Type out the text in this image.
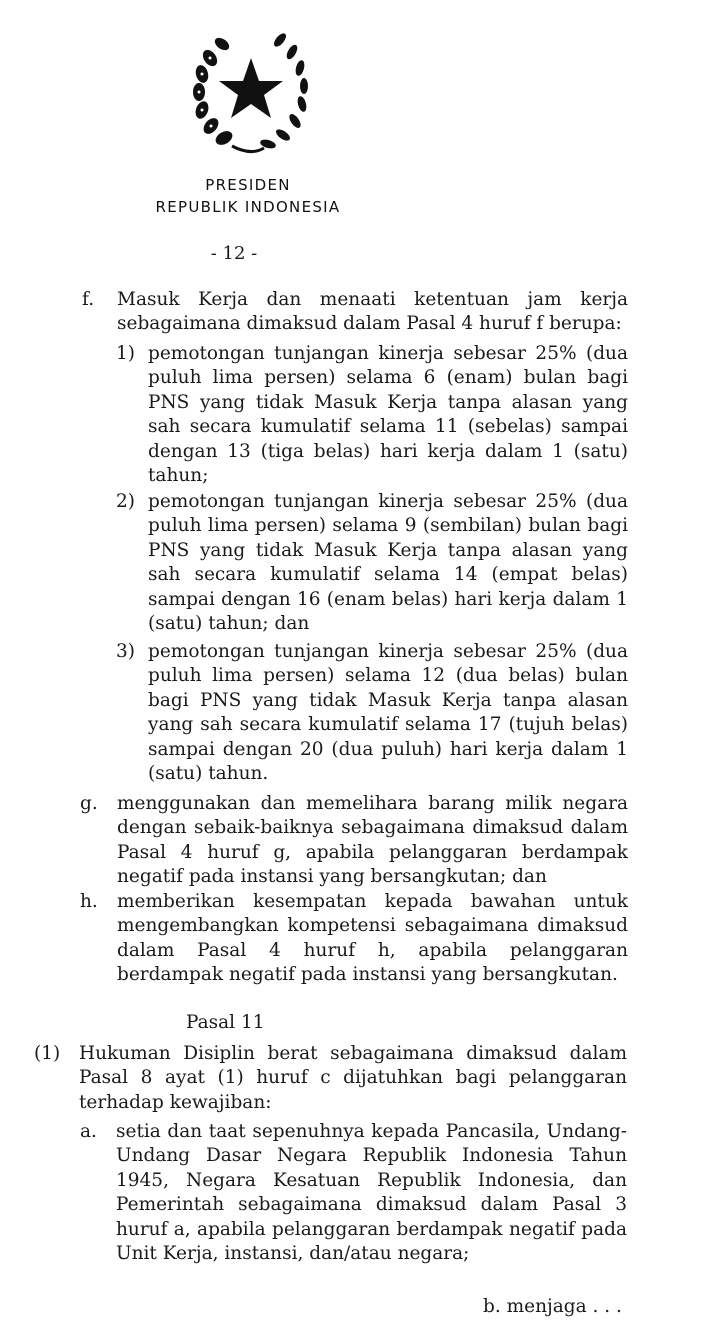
PRESIDEN
REPUBLIK INDONESIA
- 12 -
f. Masuk Kerja dan menaati ketentuan jam kerja sebagaimana dimaksud dalam Pasal 4 huruf f berupa:
1) pemotongan tunjangan kinerja sebesar 25% (dua puluh lima persen) selama 6 (enam) bulan bagi PNS yang tidak Masuk Kerja tanpa alasan yang sah secara kumulatif selama 11 (sebelas) sampai dengan 13 (tiga belas) hari kerja dalam 1 (satu) tahun;
2) pemotongan tunjangan kinerja sebesar 25% (dua puluh lima persen) selama 9 (sembilan) bulan bagi PNS yang tidak Masuk Kerja tanpa alasan yang sah secara kumulatif selama 14 (empat belas) sampai dengan 16 (enam belas) hari kerja dalam 1 (satu) tahun; dan
3) pemotongan tunjangan kinerja sebesar 25% (dua puluh lima persen) selama 12 (dua belas) bulan bagi PNS yang tidak Masuk Kerja tanpa alasan yang sah secara kumulatif selama 17 (tujuh belas) sampai dengan 20 (dua puluh) hari kerja dalam 1 (satu) tahun.
g. menggunakan dan memelihara barang milik negara dengan sebaik-baiknya sebagaimana dimaksud dalam Pasal 4 huruf g, apabila pelanggaran berdampak negatif pada instansi yang bersangkutan; dan
h. memberikan kesempatan kepada bawahan untuk mengembangkan kompetensi sebagaimana dimaksud dalam Pasal 4 huruf h, apabila pelanggaran berdampak negatif pada instansi yang bersangkutan.
Pasal 11
(1) Hukuman Disiplin berat sebagaimana dimaksud dalam Pasal 8 ayat (1) huruf c dijatuhkan bagi pelanggaran terhadap kewajiban:
a. setia dan taat sepenuhnya kepada Pancasila, Undang-Undang Dasar Negara Republik Indonesia Tahun 1945, Negara Kesatuan Republik Indonesia, dan Pemerintah sebagaimana dimaksud dalam Pasal 3 huruf a, apabila pelanggaran berdampak negatif pada Unit Kerja, instansi, dan/atau negara;
b. menjaga . . .
